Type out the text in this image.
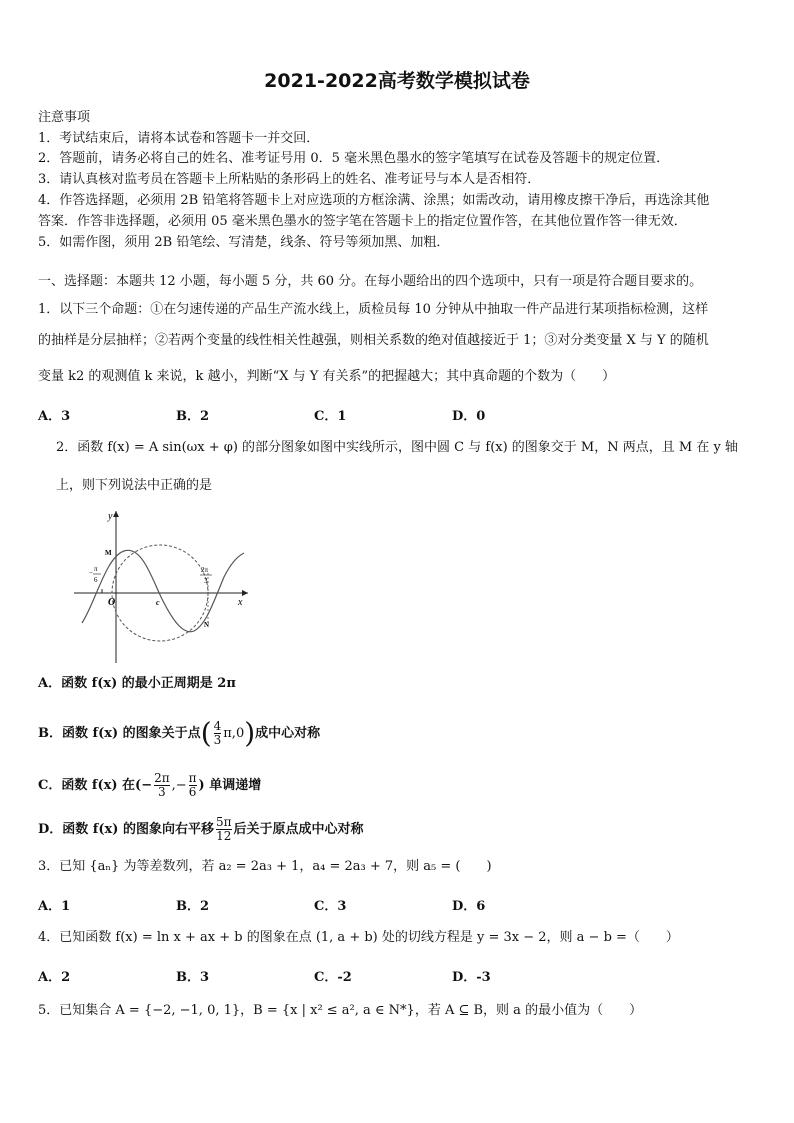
2021-2022高考数学模拟试卷
注意事项
1．考试结束后，请将本试卷和答题卡一并交回．
2．答题前，请务必将自己的姓名、准考证号用 0．5 毫米黑色墨水的签字笔填写在试卷及答题卡的规定位置．
3．请认真核对监考员在答题卡上所粘贴的条形码上的姓名、准考证号与本人是否相符．
4．作答选择题，必须用 2B 铅笔将答题卡上对应选项的方框涂满、涂黑；如需改动，请用橡皮擦干净后，再选涂其他
答案．作答非选择题，必须用 05 毫米黑色墨水的签字笔在答题卡上的指定位置作答，在其他位置作答一律无效．
5．如需作图，须用 2B 铅笔绘、写清楚，线条、符号等须加黑、加粗．
一、选择题：本题共 12 小题，每小题 5 分，共 60 分。在每小题给出的四个选项中，只有一项是符合题目要求的。
1．以下三个命题：①在匀速传递的产品生产流水线上，质检员每 10 分钟从中抽取一件产品进行某项指标检测，这样
的抽样是分层抽样；②若两个变量的线性相关性越强，则相关系数的绝对值越接近于 1；③对分类变量 X 与 Y 的随机
变量 k2 的观测值 k 来说，k 越小，判断“X 与 Y 有关系”的把握越大；其中真命题的个数为（　　）
A．3	B．2	C．1	D．0
2．函数 f(x) = A sin(ωx + φ) 的部分图象如图中实线所示，图中圆 C 与 f(x) 的图象交于 M，N 两点，且 M 在 y 轴
上，则下列说法中正确的是
y
x
O
M
c
N
− π
6
2π
3
A．函数 f(x) 的最小正周期是 2π
B．函数 f(x) 的图象关于点( $\frac{4}{3} \pi,0$)成中心对称
C．函数 f(x) 在(− $\frac{2\pi}{3}$ ,− $\frac{\pi}{6}$ ) 单调递增
D．函数 f(x) 的图象向右平移 $\frac{5\pi}{12}$ 后关于原点成中心对称
3．已知 {aₙ} 为等差数列，若 a₂ = 2a₃ + 1，a₄ = 2a₃ + 7，则 a₅ = (　　)
A．1	B．2	C．3	D．6
4．已知函数 f(x) = ln x + ax + b 的图象在点 (1, a + b) 处的切线方程是 y = 3x − 2，则 a − b =（　　）
A．2	B．3	C．-2	D．-3
5．已知集合 A = {−2, −1, 0, 1}，B = {x | x² ≤ a², a ∈ N*}，若 A ⊆ B，则 a 的最小值为（　　）
